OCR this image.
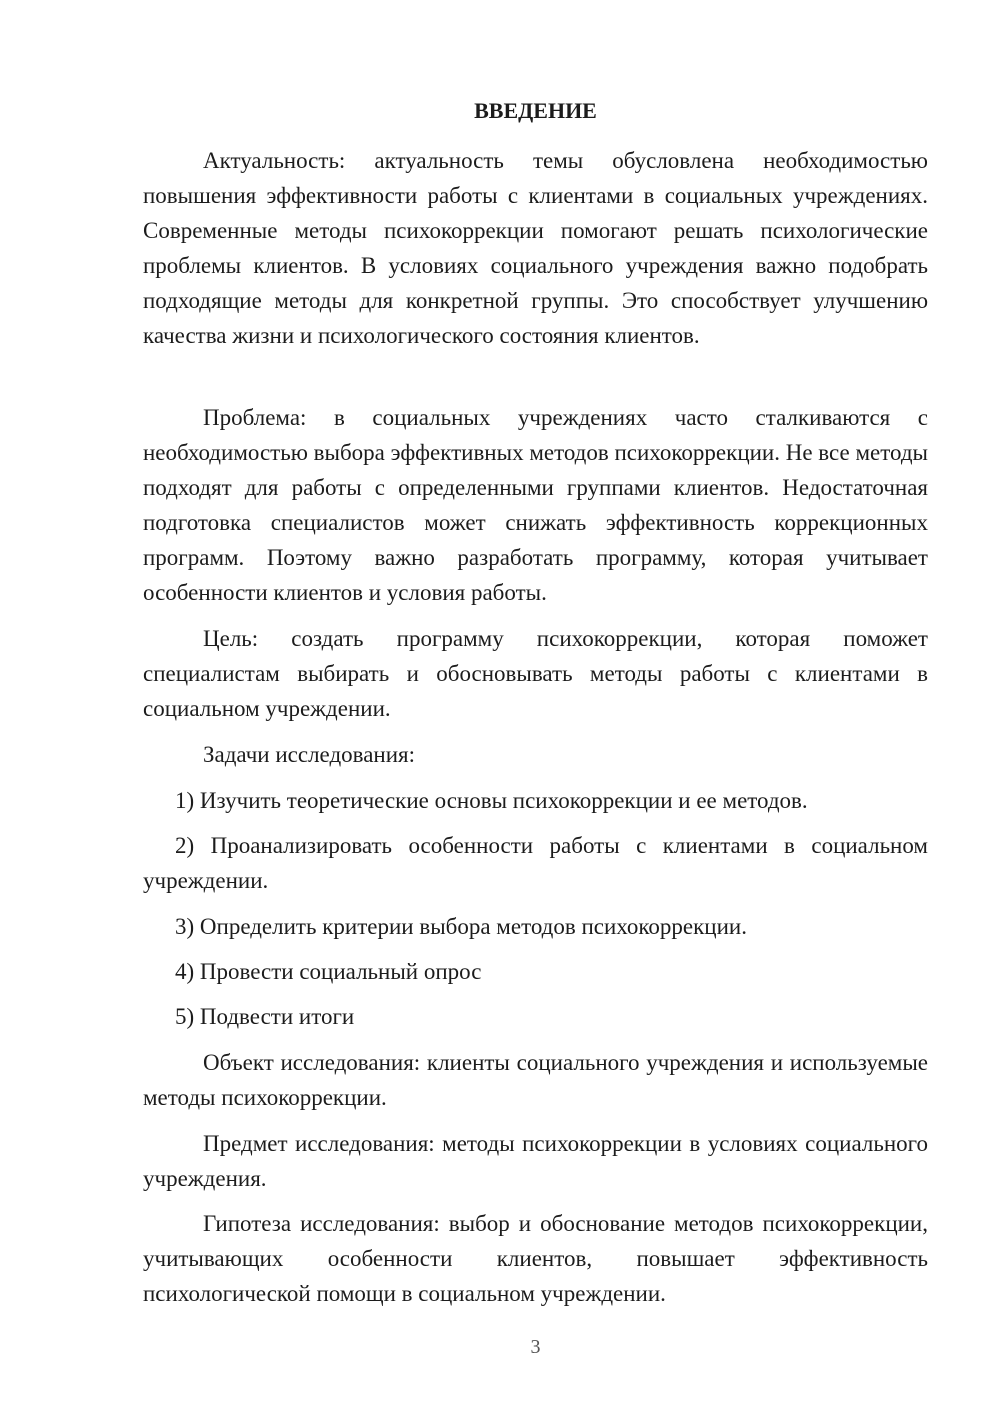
ВВЕДЕНИЕ

Актуальность: актуальность темы обусловлена необходимостью повышения эффективности работы с клиентами в социальных учреждениях. Современные методы психокоррекции помогают решать психологические проблемы клиентов. В условиях социального учреждения важно подобрать подходящие методы для конкретной группы. Это способствует улучшению качества жизни и психологического состояния клиентов.

Проблема: в социальных учреждениях часто сталкиваются с необходимостью выбора эффективных методов психокоррекции. Не все методы подходят для работы с определенными группами клиентов. Недостаточная подготовка специалистов может снижать эффективность коррекционных программ. Поэтому важно разработать программу, которая учитывает особенности клиентов и условия работы.

Цель: создать программу психокоррекции, которая поможет специалистам выбирать и обосновывать методы работы с клиентами в социальном учреждении.

Задачи исследования:

1) Изучить теоретические основы психокоррекции и ее методов.

2) Проанализировать особенности работы с клиентами в социальном учреждении.

3) Определить критерии выбора методов психокоррекции.

4) Провести социальный опрос

5) Подвести итоги

Объект исследования: клиенты социального учреждения и используемые методы психокоррекции.

Предмет исследования: методы психокоррекции в условиях социального учреждения.

Гипотеза исследования: выбор и обоснование методов психокоррекции, учитывающих особенности клиентов, повышает эффективность психологической помощи в социальном учреждении.

3
